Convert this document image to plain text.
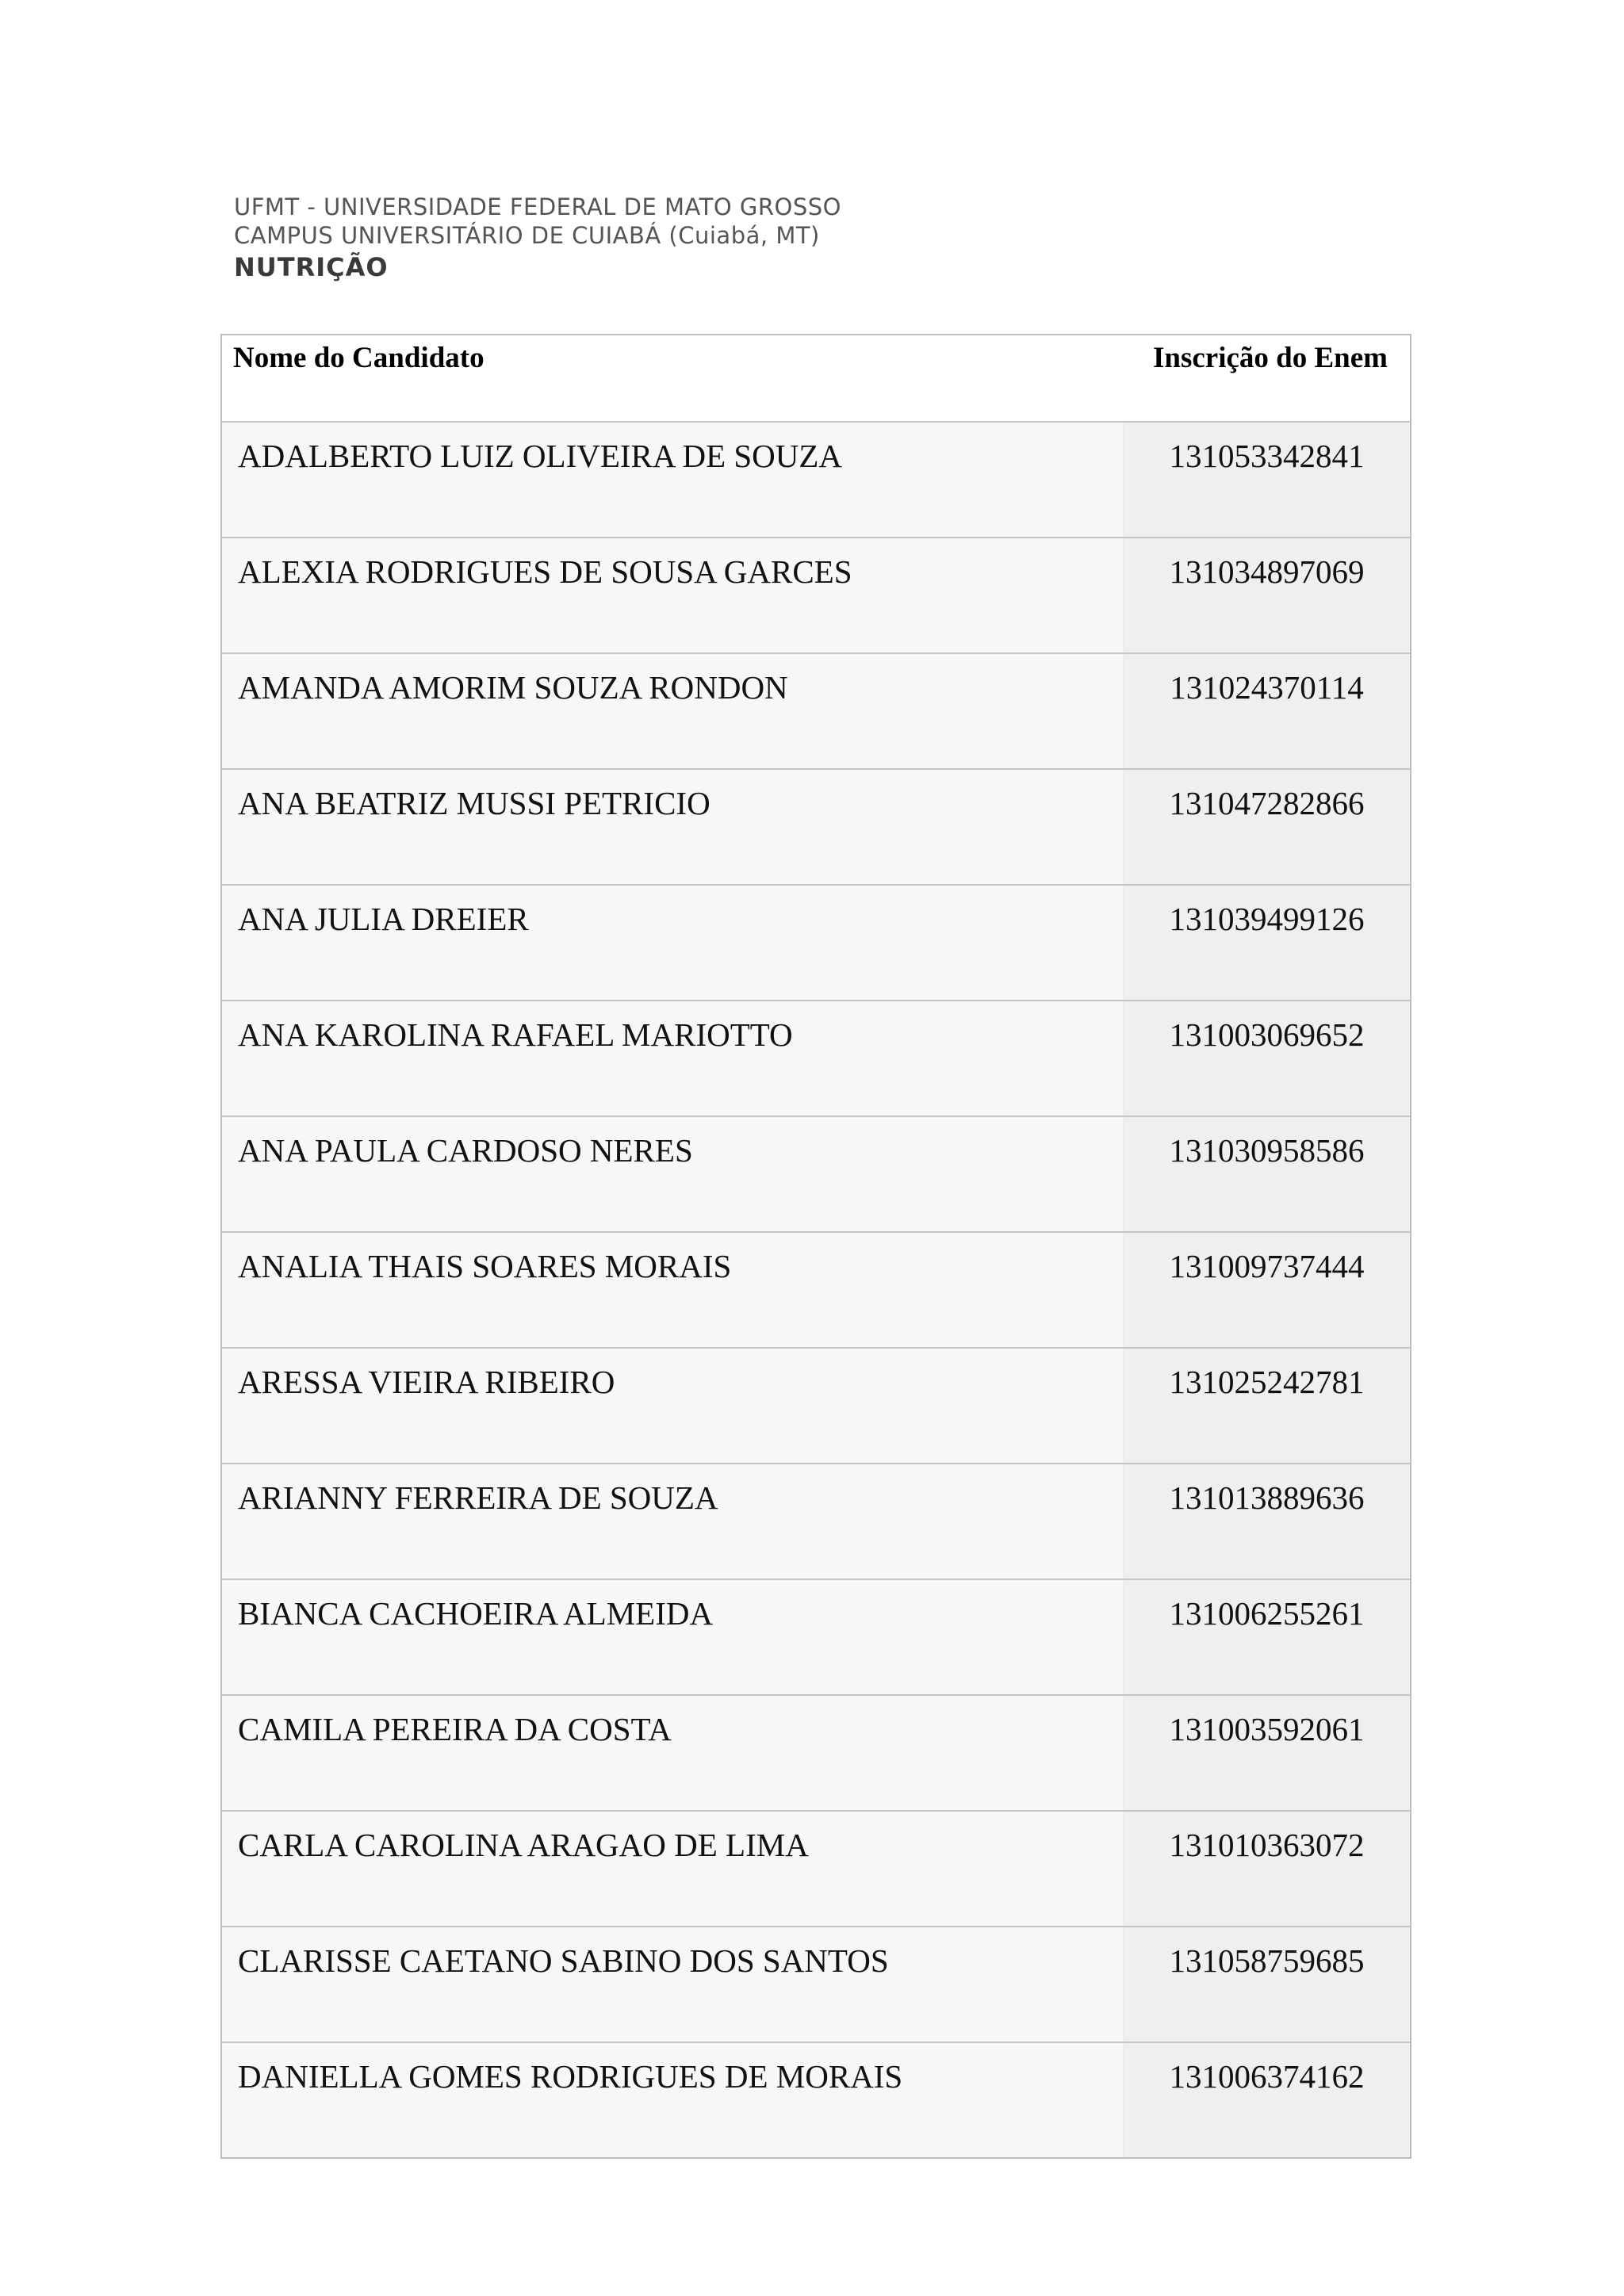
UFMT - UNIVERSIDADE FEDERAL DE MATO GROSSO
CAMPUS UNIVERSITÁRIO DE CUIABÁ (Cuiabá, MT)
NUTRIÇÃO
Nome do Candidato	Inscrição do Enem
ADALBERTO LUIZ OLIVEIRA DE SOUZA	131053342841
ALEXIA RODRIGUES DE SOUSA GARCES	131034897069
AMANDA AMORIM SOUZA RONDON	131024370114
ANA BEATRIZ MUSSI PETRICIO	131047282866
ANA JULIA DREIER	131039499126
ANA KAROLINA RAFAEL MARIOTTO	131003069652
ANA PAULA CARDOSO NERES	131030958586
ANALIA THAIS SOARES MORAIS	131009737444
ARESSA VIEIRA RIBEIRO	131025242781
ARIANNY FERREIRA DE SOUZA	131013889636
BIANCA CACHOEIRA ALMEIDA	131006255261
CAMILA PEREIRA DA COSTA	131003592061
CARLA CAROLINA ARAGAO DE LIMA	131010363072
CLARISSE CAETANO SABINO DOS SANTOS	131058759685
DANIELLA GOMES RODRIGUES DE MORAIS	131006374162
